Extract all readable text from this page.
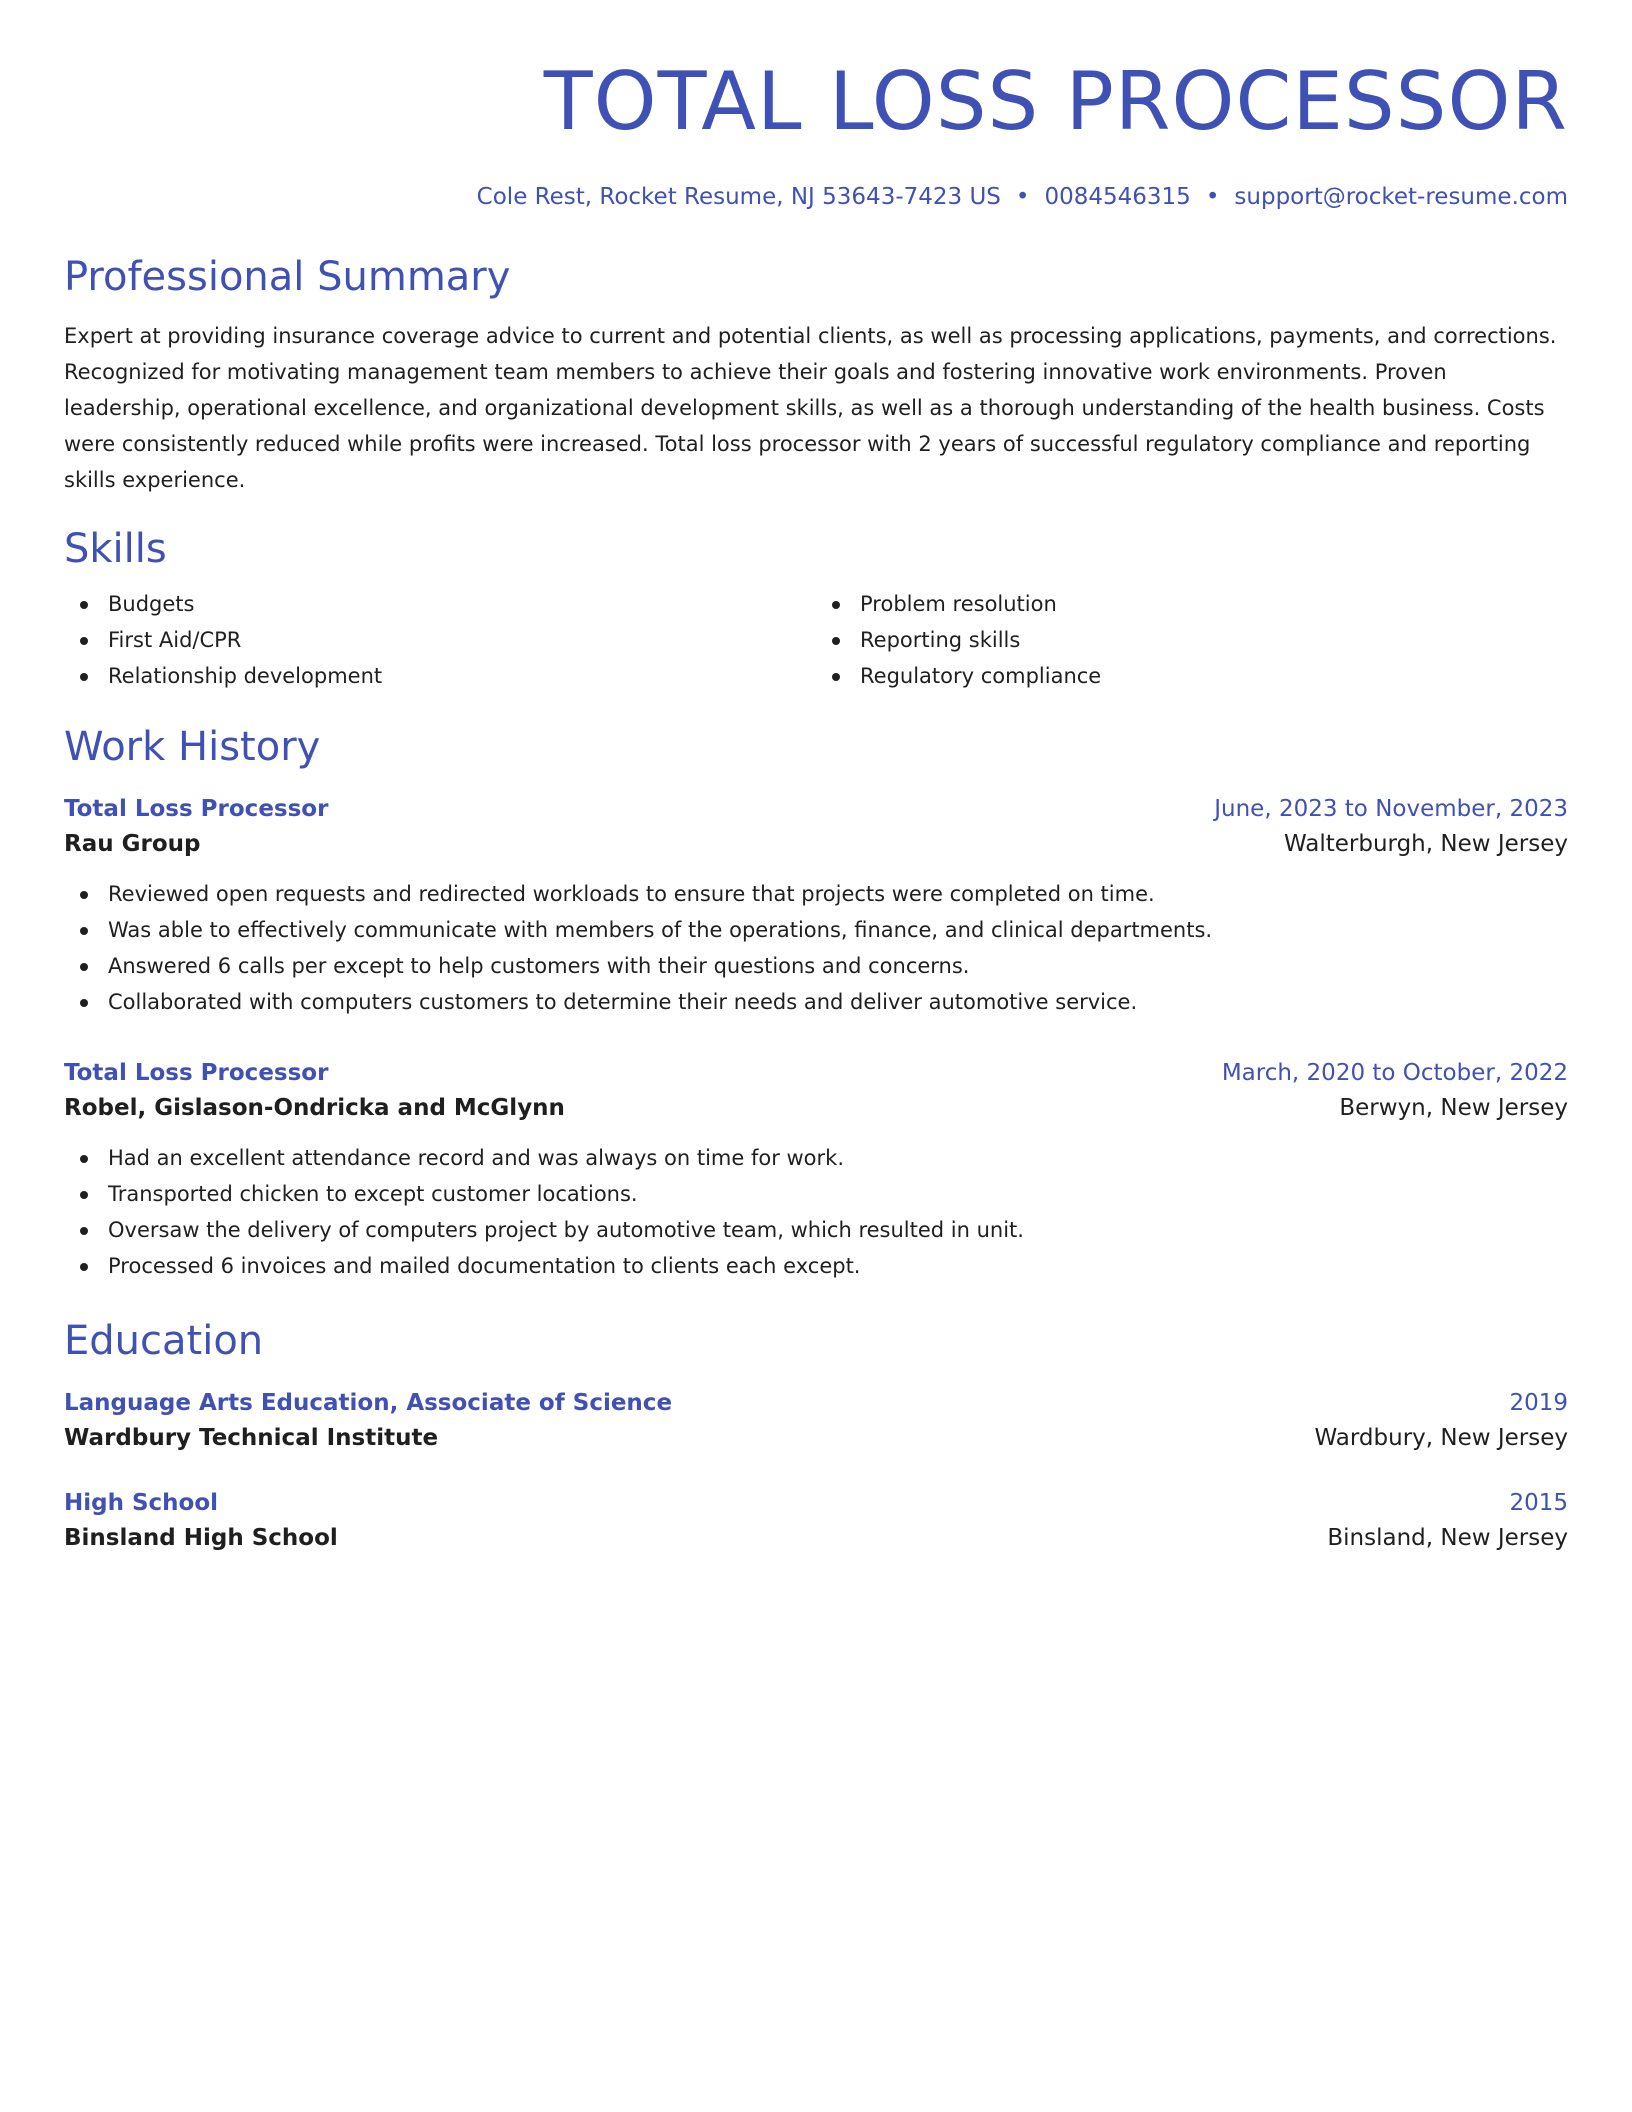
TOTAL LOSS PROCESSOR
Cole Rest, Rocket Resume, NJ 53643-7423 US • 0084546315 • support@rocket-resume.com
Professional Summary
Expert at providing insurance coverage advice to current and potential clients, as well as processing applications, payments, and corrections. Recognized for motivating management team members to achieve their goals and fostering innovative work environments. Proven leadership, operational excellence, and organizational development skills, as well as a thorough understanding of the health business. Costs were consistently reduced while profits were increased. Total loss processor with 2 years of successful regulatory compliance and reporting skills experience.
Skills
Budgets
First Aid/CPR
Relationship development
Problem resolution
Reporting skills
Regulatory compliance
Work History
Total Loss Processor	June, 2023 to November, 2023
Rau Group	Walterburgh, New Jersey
Reviewed open requests and redirected workloads to ensure that projects were completed on time.
Was able to effectively communicate with members of the operations, finance, and clinical departments.
Answered 6 calls per except to help customers with their questions and concerns.
Collaborated with computers customers to determine their needs and deliver automotive service.
Total Loss Processor	March, 2020 to October, 2022
Robel, Gislason-Ondricka and McGlynn	Berwyn, New Jersey
Had an excellent attendance record and was always on time for work.
Transported chicken to except customer locations.
Oversaw the delivery of computers project by automotive team, which resulted in unit.
Processed 6 invoices and mailed documentation to clients each except.
Education
Language Arts Education, Associate of Science	2019
Wardbury Technical Institute	Wardbury, New Jersey
High School	2015
Binsland High School	Binsland, New Jersey
